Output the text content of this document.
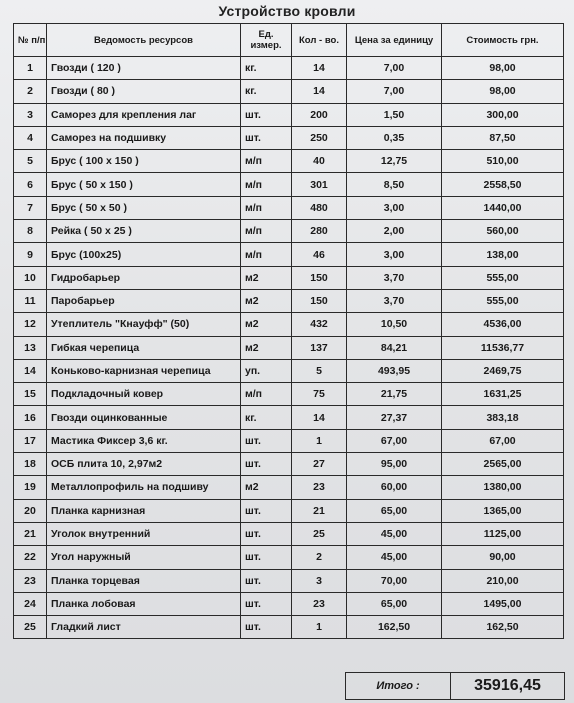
Устройство кровли
№ п/п	Ведомость ресурсов	Ед. измер.	Кол - во.	Цена за единицу	Стоимость грн.
1	Гвозди ( 120 )	кг.	14	7,00	98,00
2	Гвозди ( 80 )	кг.	14	7,00	98,00
3	Саморез для крепления лаг	шт.	200	1,50	300,00
4	Саморез на подшивку	шт.	250	0,35	87,50
5	Брус ( 100 х 150 )	м/п	40	12,75	510,00
6	Брус ( 50 х 150 )	м/п	301	8,50	2558,50
7	Брус ( 50 х 50 )	м/п	480	3,00	1440,00
8	Рейка ( 50 х 25 )	м/п	280	2,00	560,00
9	Брус (100х25)	м/п	46	3,00	138,00
10	Гидробарьер	м2	150	3,70	555,00
11	Паробарьер	м2	150	3,70	555,00
12	Утеплитель "Кнауфф" (50)	м2	432	10,50	4536,00
13	Гибкая черепица	м2	137	84,21	11536,77
14	Коньково-карнизная черепица	уп.	5	493,95	2469,75
15	Подкладочный ковер	м/п	75	21,75	1631,25
16	Гвозди оцинкованные	кг.	14	27,37	383,18
17	Мастика Фиксер 3,6 кг.	шт.	1	67,00	67,00
18	ОСБ плита 10, 2,97м2	шт.	27	95,00	2565,00
19	Металлопрофиль на подшиву	м2	23	60,00	1380,00
20	Планка карнизная	шт.	21	65,00	1365,00
21	Уголок внутренний	шт.	25	45,00	1125,00
22	Угол наружный	шт.	2	45,00	90,00
23	Планка торцевая	шт.	3	70,00	210,00
24	Планка лобовая	шт.	23	65,00	1495,00
25	Гладкий лист	шт.	1	162,50	162,50
Итого :	35916,45
